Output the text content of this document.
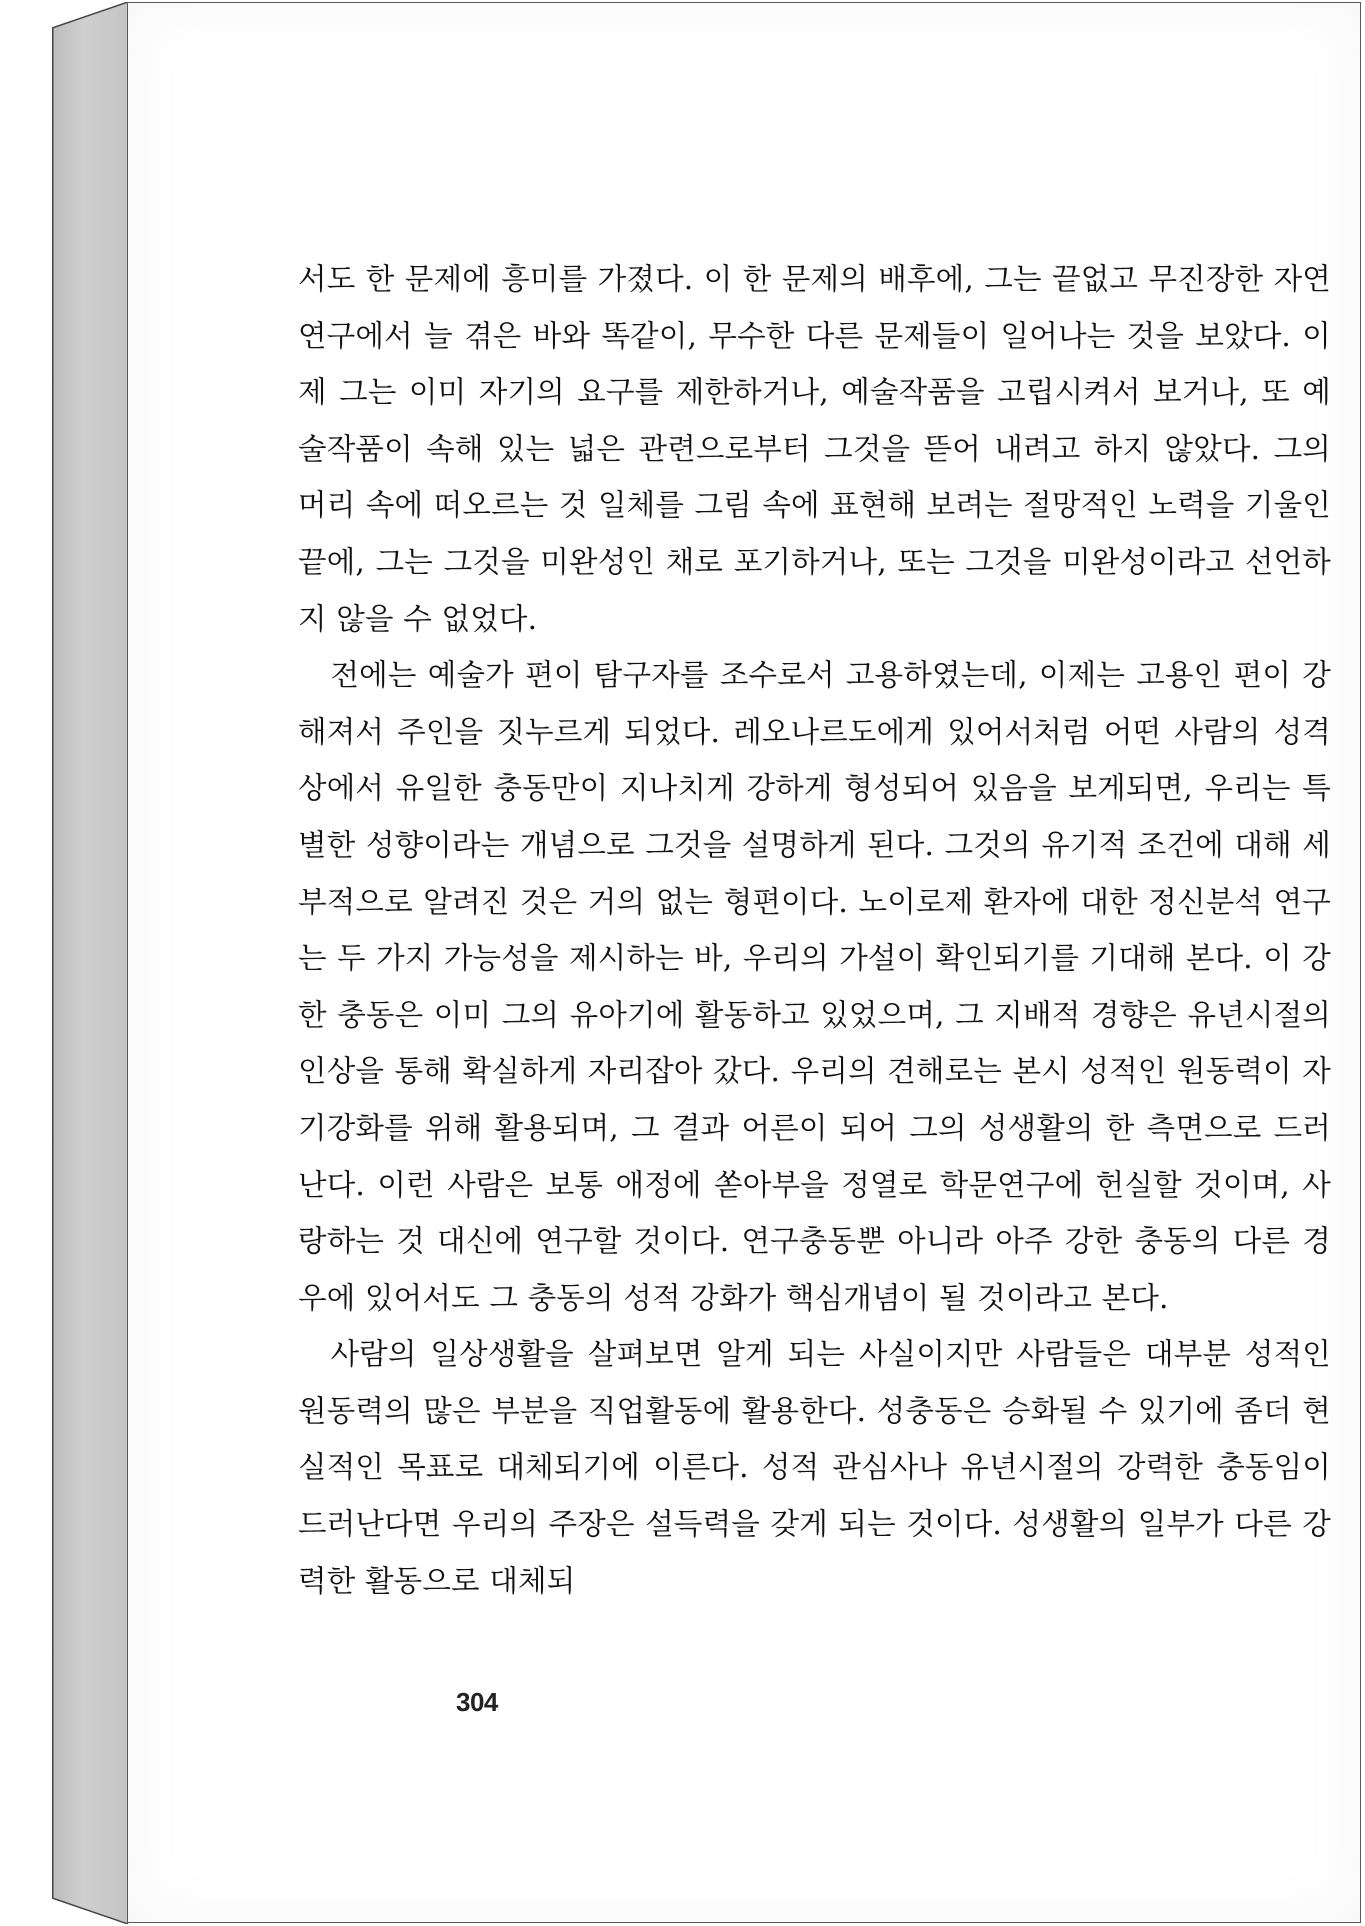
서도 한 문제에 흥미를 가졌다. 이 한 문제의 배후에, 그는 끝없고 무진장한 자연연구에서 늘 겪은 바와 똑같이, 무수한 다른 문제들이 일어나는 것을 보았다. 이제 그는 이미 자기의 요구를 제한하거나, 예술작품을 고립시켜서 보거나, 또 예술작품이 속해 있는 넓은 관련으로부터 그것을 뜯어 내려고 하지 않았다. 그의 머리 속에 떠오르는 것 일체를 그림 속에 표현해 보려는 절망적인 노력을 기울인 끝에, 그는 그것을 미완성인 채로 포기하거나, 또는 그것을 미완성이라고 선언하지 않을 수 없었다.

전에는 예술가 편이 탐구자를 조수로서 고용하였는데, 이제는 고용인 편이 강해져서 주인을 짓누르게 되었다. 레오나르도에게 있어서처럼 어떤 사람의 성격상에서 유일한 충동만이 지나치게 강하게 형성되어 있음을 보게되면, 우리는 특별한 성향이라는 개념으로 그것을 설명하게 된다. 그것의 유기적 조건에 대해 세부적으로 알려진 것은 거의 없는 형편이다. 노이로제 환자에 대한 정신분석 연구는 두 가지 가능성을 제시하는 바, 우리의 가설이 확인되기를 기대해 본다. 이 강한 충동은 이미 그의 유아기에 활동하고 있었으며, 그 지배적 경향은 유년시절의 인상을 통해 확실하게 자리잡아 갔다. 우리의 견해로는 본시 성적인 원동력이 자기강화를 위해 활용되며, 그 결과 어른이 되어 그의 성생활의 한 측면으로 드러난다. 이런 사람은 보통 애정에 쏟아부을 정열로 학문연구에 헌실할 것이며, 사랑하는 것 대신에 연구할 것이다. 연구충동뿐 아니라 아주 강한 충동의 다른 경우에 있어서도 그 충동의 성적 강화가 핵심개념이 될 것이라고 본다.

사람의 일상생활을 살펴보면 알게 되는 사실이지만 사람들은 대부분 성적인 원동력의 많은 부분을 직업활동에 활용한다. 성충동은 승화될 수 있기에 좀더 현실적인 목표로 대체되기에 이른다. 성적 관심사나 유년시절의 강력한 충동임이 드러난다면 우리의 주장은 설득력을 갖게 되는 것이다. 성생활의 일부가 다른 강력한 활동으로 대체되

304
